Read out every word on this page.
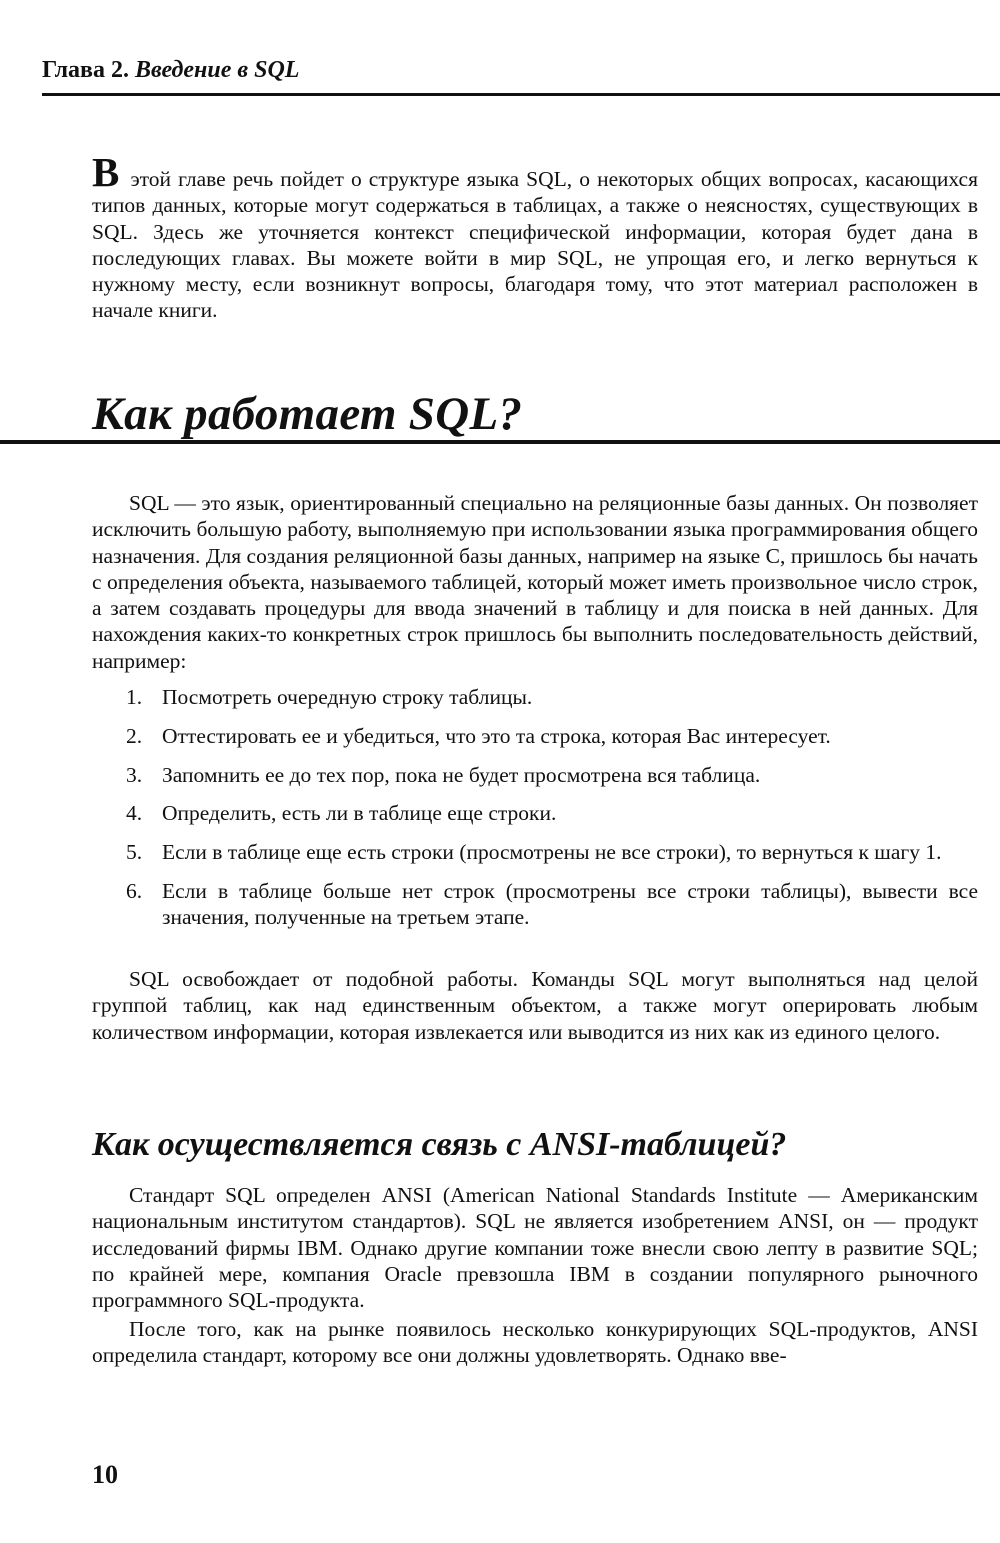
Глава 2. Введение в SQL

В этой главе речь пойдет о структуре языка SQL, о некоторых общих вопросах, касающихся типов данных, которые могут содержаться в таблицах, а также о неясностях, существующих в SQL. Здесь же уточняется контекст специфической информации, которая будет дана в последующих главах. Вы можете войти в мир SQL, не упрощая его, и легко вернуться к нужному месту, если возникнут вопросы, благодаря тому, что этот материал расположен в начале книги.

Как работает SQL?

SQL — это язык, ориентированный специально на реляционные базы данных. Он позволяет исключить большую работу, выполняемую при использовании языка программирования общего назначения. Для создания реляционной базы данных, например на языке С, пришлось бы начать с определения объекта, называемого таблицей, который может иметь произвольное число строк, а затем создавать процедуры для ввода значений в таблицу и для поиска в ней данных. Для нахождения каких-то конкретных строк пришлось бы выполнить последовательность действий, например:

1. Посмотреть очередную строку таблицы.
2. Оттестировать ее и убедиться, что это та строка, которая Вас интересует.
3. Запомнить ее до тех пор, пока не будет просмотрена вся таблица.
4. Определить, есть ли в таблице еще строки.
5. Если в таблице еще есть строки (просмотрены не все строки), то вернуться к шагу 1.
6. Если в таблице больше нет строк (просмотрены все строки таблицы), вывести все значения, полученные на третьем этапе.

SQL освобождает от подобной работы. Команды SQL могут выполняться над целой группой таблиц, как над единственным объектом, а также могут оперировать любым количеством информации, которая извлекается или выводится из них как из единого целого.

Как осуществляется связь с ANSI-таблицей?

Стандарт SQL определен ANSI (American National Standards Institute — Американским национальным институтом стандартов). SQL не является изобретением ANSI, он — продукт исследований фирмы IBM. Однако другие компании тоже внесли свою лепту в развитие SQL; по крайней мере, компания Oracle превзошла IBM в создании популярного рыночного программного SQL-продукта.

После того, как на рынке появилось несколько конкурирующих SQL-продуктов, ANSI определила стандарт, которому все они должны удовлетворять. Однако вве-

10
